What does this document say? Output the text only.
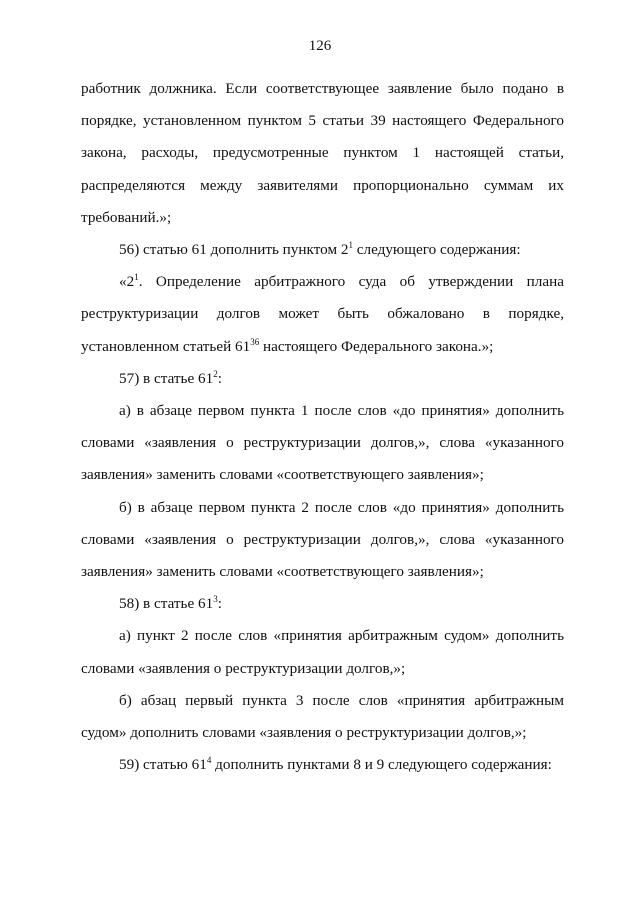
126

работник должника. Если соответствующее заявление было подано в порядке, установленном пунктом 5 статьи 39 настоящего Федерального закона, расходы, предусмотренные пунктом 1 настоящей статьи, распределяются между заявителями пропорционально суммам их требований.»;

56) статью 61 дополнить пунктом $2^1$ следующего содержания:

«$2^1$. Определение арбитражного суда об утверждении плана реструктуризации долгов может быть обжаловано в порядке, установленном статьей $61^{36}$ настоящего Федерального закона.»;

57) в статье $61^2$:

а) в абзаце первом пункта 1 после слов «до принятия» дополнить словами «заявления о реструктуризации долгов,», слова «указанного заявления» заменить словами «соответствующего заявления»;

б) в абзаце первом пункта 2 после слов «до принятия» дополнить словами «заявления о реструктуризации долгов,», слова «указанного заявления» заменить словами «соответствующего заявления»;

58) в статье $61^3$:

а) пункт 2 после слов «принятия арбитражным судом» дополнить словами «заявления о реструктуризации долгов,»;

б) абзац первый пункта 3 после слов «принятия арбитражным судом» дополнить словами «заявления о реструктуризации долгов,»;

59) статью $61^4$ дополнить пунктами 8 и 9 следующего содержания:
